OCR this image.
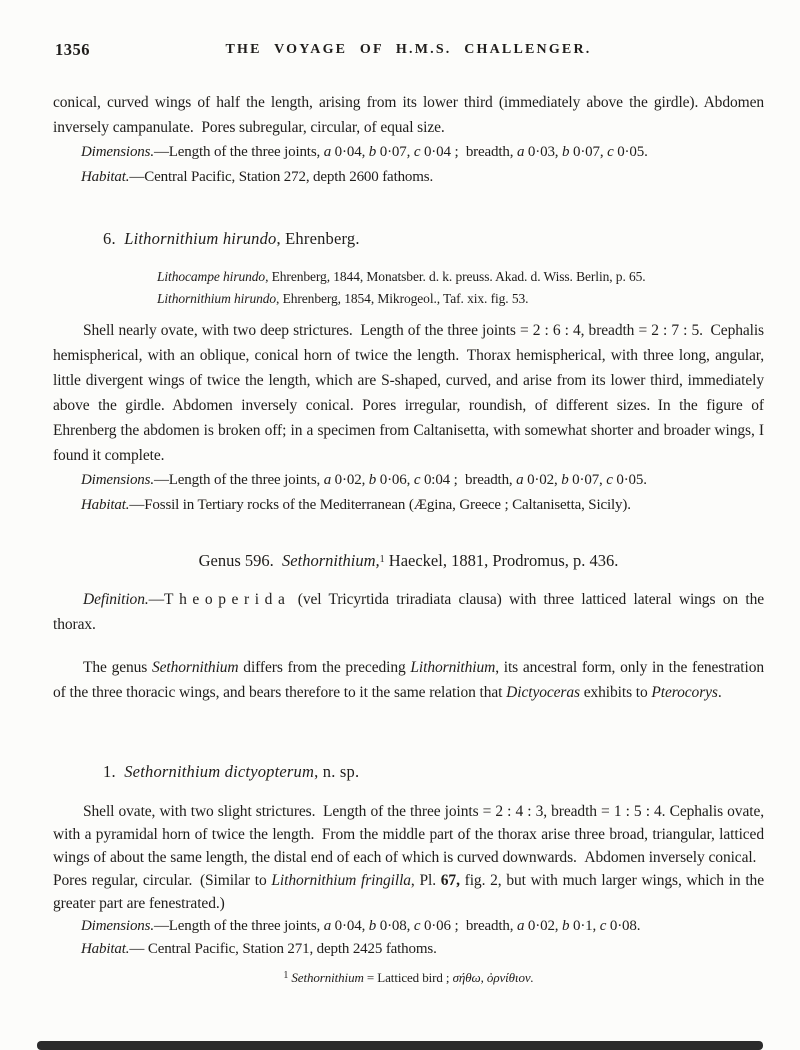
1356	THE VOYAGE OF H.M.S. CHALLENGER.

conical, curved wings of half the length, arising from its lower third (immediately above the girdle). Abdomen inversely campanulate. Pores subregular, circular, of equal size.

Dimensions.—Length of the three joints, a 0·04, b 0·07, c 0·04 ; breadth, a 0·03, b 0·07, c 0·05.

Habitat.—Central Pacific, Station 272, depth 2600 fathoms.

6. Lithornithium hirundo, Ehrenberg.

Lithocampe hirundo, Ehrenberg, 1844, Monatsber. d. k. preuss. Akad. d. Wiss. Berlin, p. 65.

Lithornithium hirundo, Ehrenberg, 1854, Mikrogeol., Taf. xix. fig. 53.

Shell nearly ovate, with two deep strictures. Length of the three joints = 2 : 6 : 4, breadth = 2 : 7 : 5. Cephalis hemispherical, with an oblique, conical horn of twice the length. Thorax hemispherical, with three long, angular, little divergent wings of twice the length, which are S-shaped, curved, and arise from its lower third, immediately above the girdle. Abdomen inversely conical. Pores irregular, roundish, of different sizes. In the figure of Ehrenberg the abdomen is broken off; in a specimen from Caltanisetta, with somewhat shorter and broader wings, I found it complete.

Dimensions.—Length of the three joints, a 0·02, b 0·06, c 0:04 ; breadth, a 0·02, b 0·07, c 0·05.

Habitat.—Fossil in Tertiary rocks of the Mediterranean (Ægina, Greece ; Caltanisetta, Sicily).

Genus 596. Sethornithium,$^1$ Haeckel, 1881, Prodromus, p. 436.

Definition.—Theoperida (vel Tricyrtida triradiata clausa) with three latticed lateral wings on the thorax.

The genus Sethornithium differs from the preceding Lithornithium, its ancestral form, only in the fenestration of the three thoracic wings, and bears therefore to it the same relation that Dictyoceras exhibits to Pterocorys.

1. Sethornithium dictyopterum, n. sp.

Shell ovate, with two slight strictures. Length of the three joints = 2 : 4 : 3, breadth = 1 : 5 : 4. Cephalis ovate, with a pyramidal horn of twice the length. From the middle part of the thorax arise three broad, triangular, latticed wings of about the same length, the distal end of each of which is curved downwards. Abdomen inversely conical. Pores regular, circular. (Similar to Lithornithium fringilla, Pl. 67, fig. 2, but with much larger wings, which in the greater part are fenestrated.)

Dimensions.—Length of the three joints, a 0·04, b 0·08, c 0·06 ; breadth, a 0·02, b 0·1, c 0·08.

Habitat.— Central Pacific, Station 271, depth 2425 fathoms.

$^1$ Sethornithium = Latticed bird ; σήθω, ὀρνίθιον.
